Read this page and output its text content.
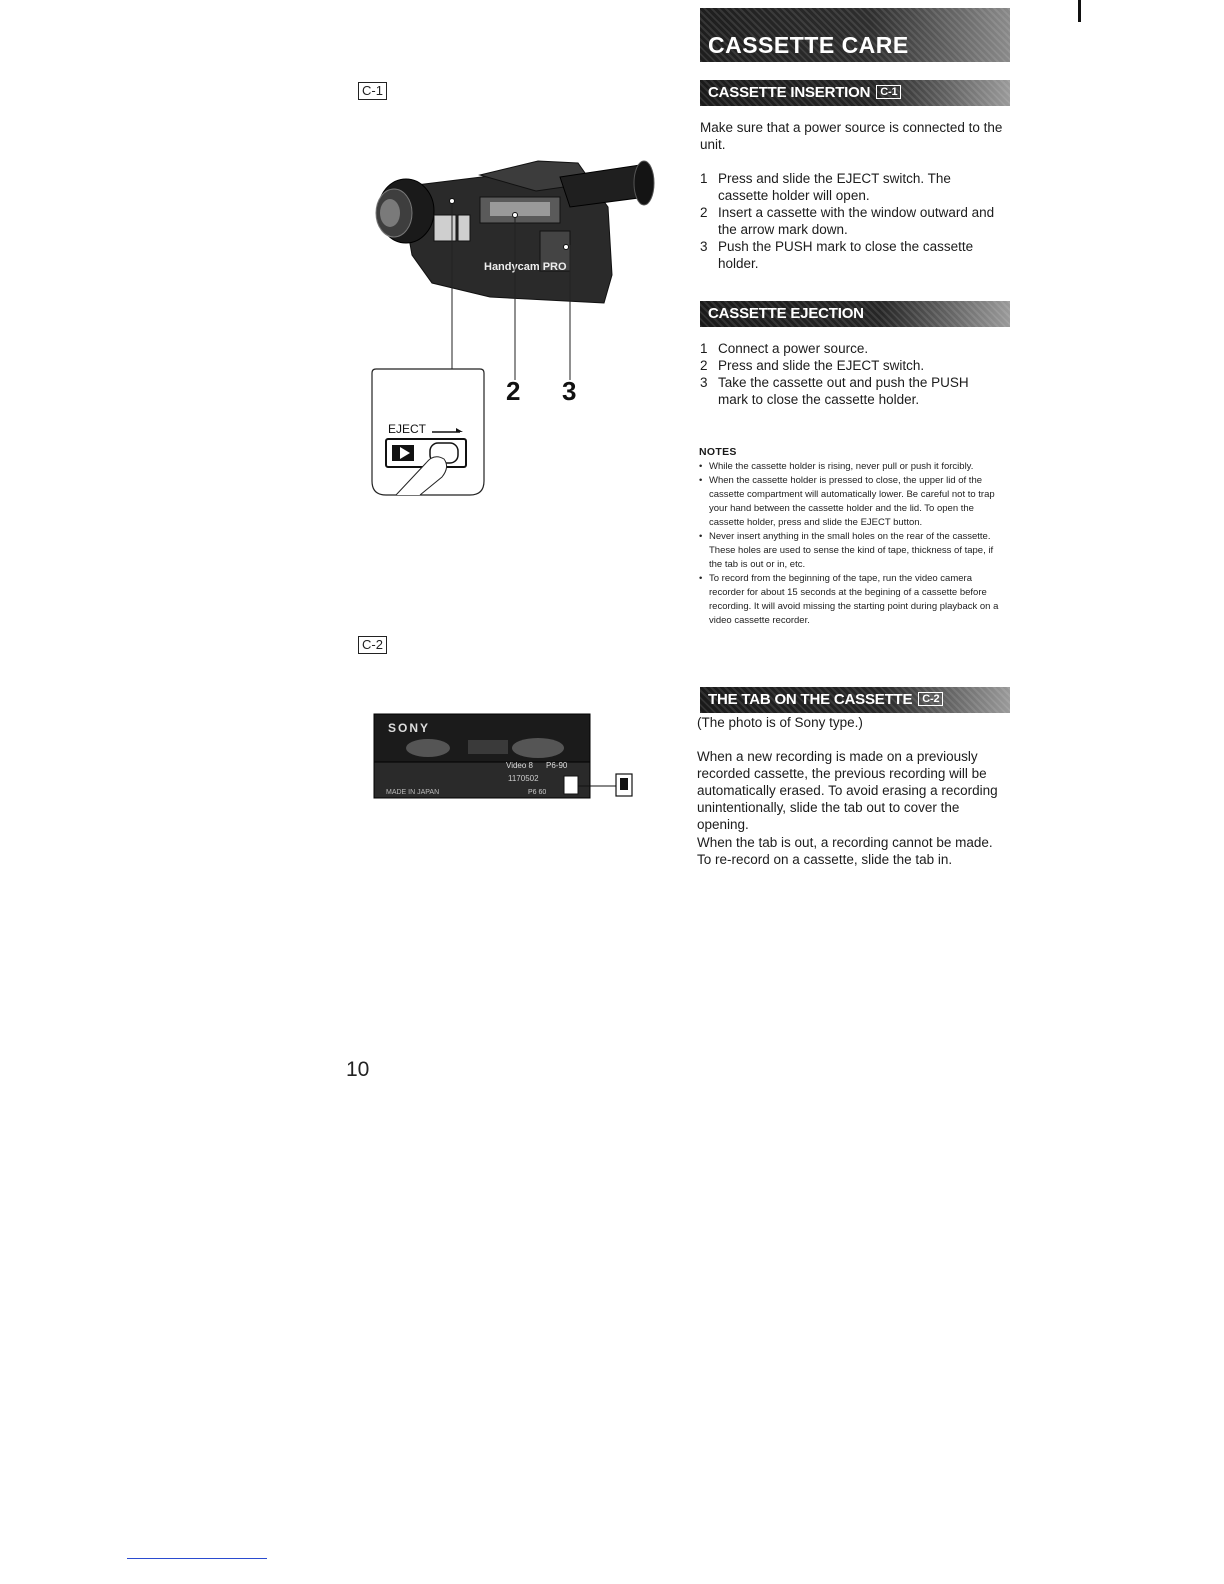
C-1
Handycam PRO
2 3
EJECT
C-2
SONY
Video 8 P6-90
1170502
P6 60
MADE IN JAPAN
CASSETTE CARE
CASSETTE INSERTION C-1
Make sure that a power source is connected to the unit.
1 Press and slide the EJECT switch. The cassette holder will open.
2 Insert a cassette with the window outward and the arrow mark down.
3 Push the PUSH mark to close the cassette holder.
CASSETTE EJECTION
1 Connect a power source.
2 Press and slide the EJECT switch.
3 Take the cassette out and push the PUSH mark to close the cassette holder.
NOTES
• While the cassette holder is rising, never pull or push it forcibly.
• When the cassette holder is pressed to close, the upper lid of the cassette compartment will automatically lower. Be careful not to trap your hand between the cassette holder and the lid. To open the cassette holder, press and slide the EJECT button.
• Never insert anything in the small holes on the rear of the cassette. These holes are used to sense the kind of tape, thickness of tape, if the tab is out or in, etc.
• To record from the beginning of the tape, run the video camera recorder for about 15 seconds at the begining of a cassette before recording. It will avoid missing the starting point during playback on a video cassette recorder.
THE TAB ON THE CASSETTE C-2
(The photo is of Sony type.)
When a new recording is made on a previously recorded cassette, the previous recording will be automatically erased. To avoid erasing a recording unintentionally, slide the tab out to cover the opening.
When the tab is out, a recording cannot be made. To re-record on a cassette, slide the tab in.
10
